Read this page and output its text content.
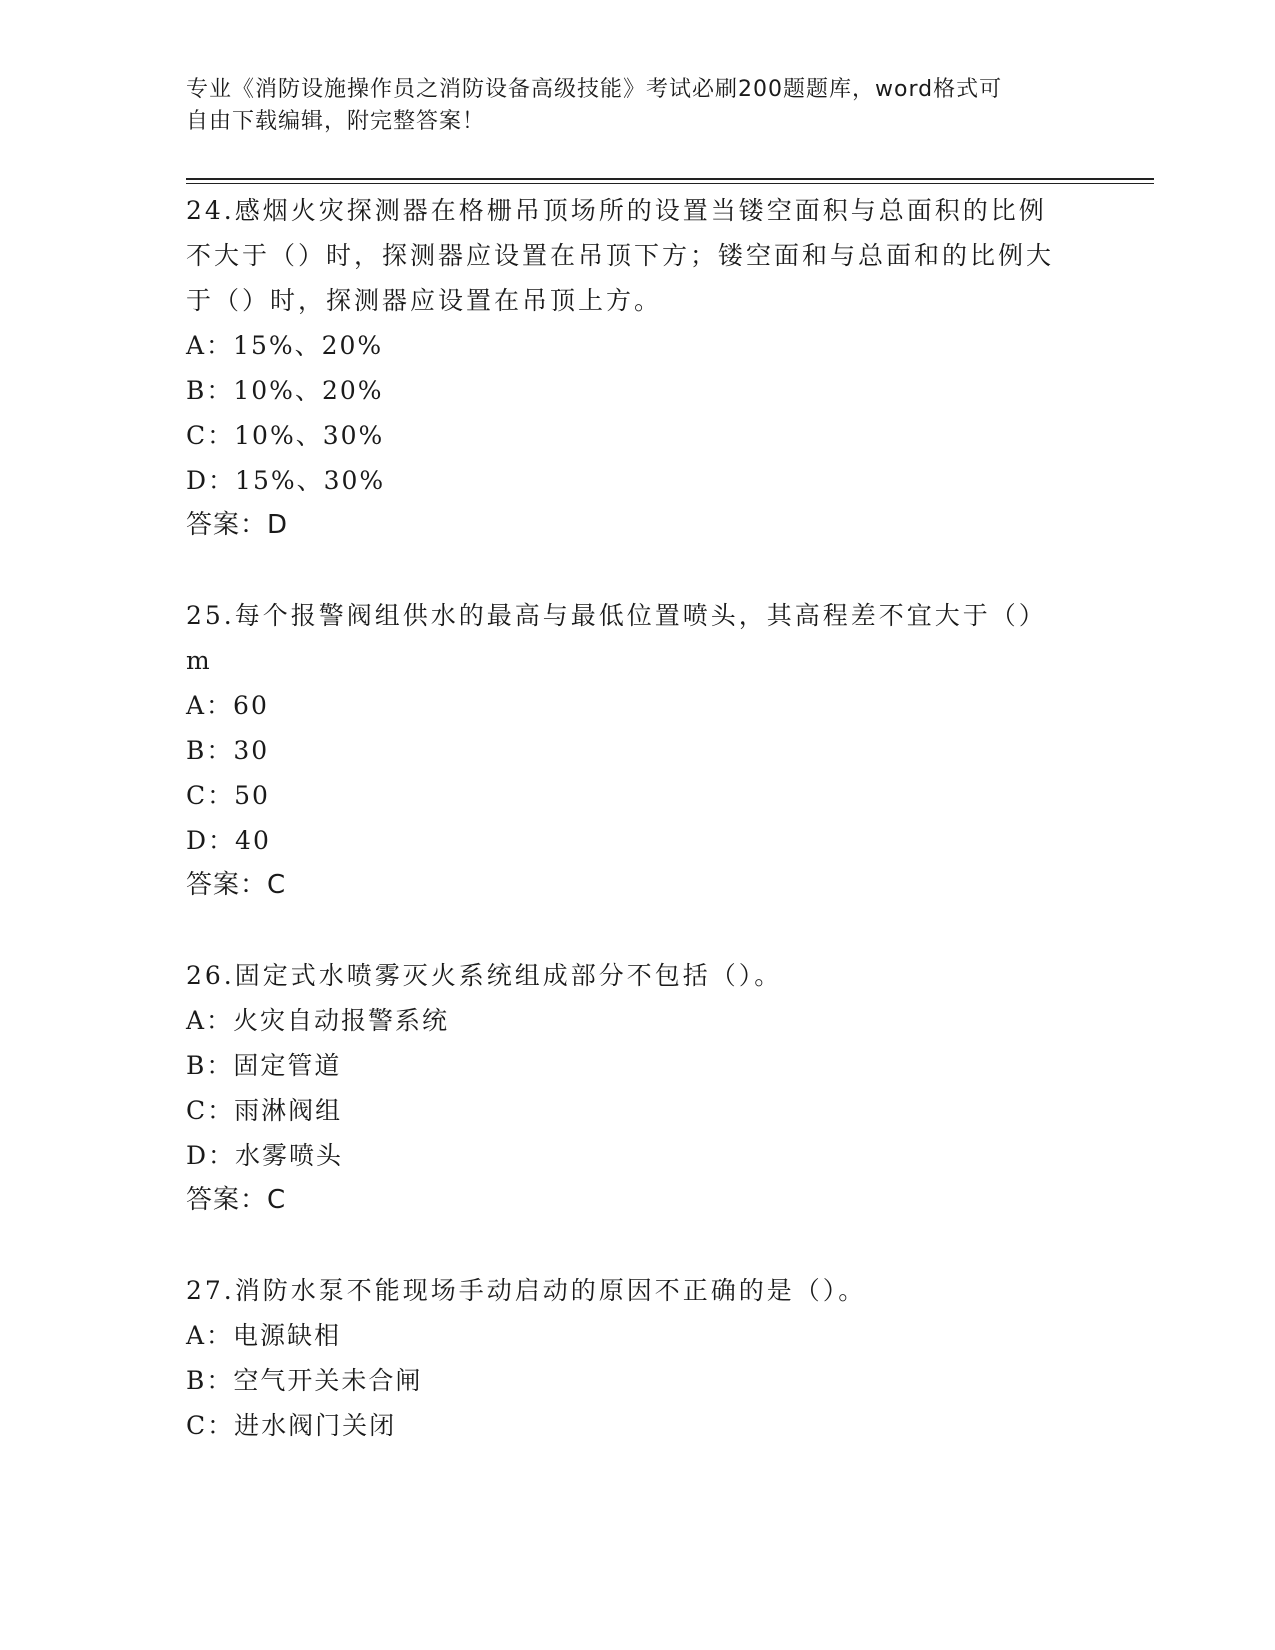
专业《消防设施操作员之消防设备高级技能》考试必刷200题题库，word格式可
自由下载编辑，附完整答案！
24.感烟火灾探测器在格栅吊顶场所的设置当镂空面积与总面积的比例不大于（）时，探测器应设置在吊顶下方；镂空面和与总面和的比例大于（）时，探测器应设置在吊顶上方。
A：15%、20%
B：10%、20%
C：10%、30%
D：15%、30%
答案：D
25.每个报警阀组供水的最高与最低位置喷头，其高程差不宜大于（）m
A：60
B：30
C：50
D：40
答案：C
26.固定式水喷雾灭火系统组成部分不包括（）。
A：火灾自动报警系统
B：固定管道
C：雨淋阀组
D：水雾喷头
答案：C
27.消防水泵不能现场手动启动的原因不正确的是（）。
A：电源缺相
B：空气开关未合闸
C：进水阀门关闭
